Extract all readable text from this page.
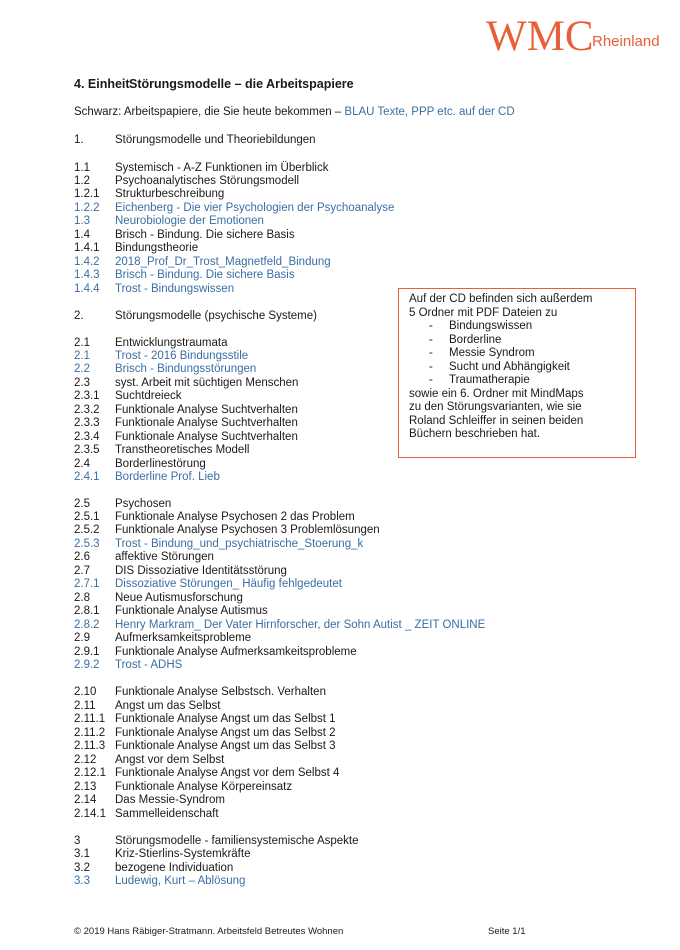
WMC
Rheinland
4. Einheit Störungsmodelle – die Arbeitspapiere
Schwarz: Arbeitspapiere, die Sie heute bekommen – BLAU Texte, PPP etc. auf der CD
1.	Störungsmodelle und Theoriebildungen
1.1 Systemisch - A-Z Funktionen im Überblick
1.2 Psychoanalytisches Störungsmodell
1.2.1 Strukturbeschreibung
1.2.2 Eichenberg - Die vier Psychologien der Psychoanalyse
1.3 Neurobiologie der Emotionen
1.4 Brisch - Bindung. Die sichere Basis
1.4.1 Bindungstheorie
1.4.2 2018_Prof_Dr_Trost_Magnetfeld_Bindung
1.4.3 Brisch - Bindung. Die sichere Basis
1.4.4 Trost - Bindungswissen
2.	Störungsmodelle (psychische Systeme)
2.1 Entwicklungstraumata
2.1 Trost - 2016 Bindungsstile
2.2 Brisch - Bindungsstörungen
2.3 syst. Arbeit mit süchtigen Menschen
2.3.1 Suchtdreieck
2.3.2 Funktionale Analyse Suchtverhalten
2.3.3 Funktionale Analyse Suchtverhalten
2.3.4 Funktionale Analyse Suchtverhalten
2.3.5 Transtheoretisches Modell
2.4 Borderlinestörung
2.4.1 Borderline Prof. Lieb
2.5 Psychosen
2.5.1 Funktionale Analyse Psychosen 2 das Problem
2.5.2 Funktionale Analyse Psychosen 3 Problemlösungen
2.5.3 Trost - Bindung_und_psychiatrische_Stoerung_k
2.6 affektive Störungen
2.7 DIS Dissoziative Identitätsstörung
2.7.1 Dissoziative Störungen_ Häufig fehlgedeutet
2.8 Neue Autismusforschung
2.8.1 Funktionale Analyse Autismus
2.8.2 Henry Markram_ Der Vater Hirnforscher, der Sohn Autist _ ZEIT ONLINE
2.9 Aufmerksamkeitsprobleme
2.9.1 Funktionale Analyse Aufmerksamkeitsprobleme
2.9.2 Trost - ADHS
2.10 Funktionale Analyse Selbstsch. Verhalten
2.11 Angst um das Selbst
2.11.1 Funktionale Analyse Angst um das Selbst 1
2.11.2 Funktionale Analyse Angst um das Selbst 2
2.11.3 Funktionale Analyse Angst um das Selbst 3
2.12 Angst vor dem Selbst
2.12.1 Funktionale Analyse Angst vor dem Selbst 4
2.13 Funktionale Analyse Körpereinsatz
2.14 Das Messie-Syndrom
2.14.1 Sammelleidenschaft
3	Störungsmodelle - familiensystemische Aspekte
3.1 Kriz-Stierlins-Systemkräfte
3.2 bezogene Individuation
3.3 Ludewig, Kurt – Ablösung
Auf der CD befinden sich außerdem
5 Ordner mit PDF Dateien zu
- Bindungswissen
- Borderline
- Messie Syndrom
- Sucht und Abhängigkeit
- Traumatherapie
sowie ein 6. Ordner mit MindMaps
zu den Störungsvarianten, wie sie
Roland Schleiffer in seinen beiden
Büchern beschrieben hat.
© 2019 Hans Räbiger-Stratmann. Arbeitsfeld Betreutes Wohnen	Seite 1/1
